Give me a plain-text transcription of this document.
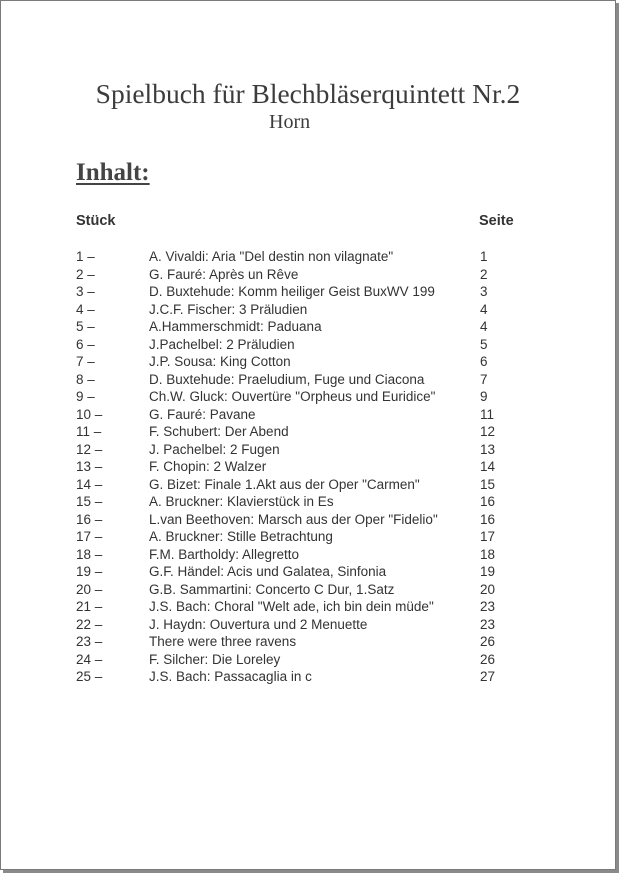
Spielbuch für Blechbläserquintett Nr.2
Horn
Inhalt:
Stück	Seite
1 –	A. Vivaldi: Aria "Del destin non vilagnate"	1
2 –	G. Fauré: Après un Rêve	2
3 –	D. Buxtehude: Komm heiliger Geist BuxWV 199	3
4 –	J.C.F. Fischer: 3 Präludien	4
5 –	A.Hammerschmidt: Paduana	4
6 –	J.Pachelbel: 2 Präludien	5
7 –	J.P. Sousa: King Cotton	6
8 –	D. Buxtehude: Praeludium, Fuge und Ciacona	7
9 –	Ch.W. Gluck: Ouvertüre "Orpheus und Euridice"	9
10 –	G. Fauré: Pavane	11
11 –	F. Schubert: Der Abend	12
12 –	J. Pachelbel: 2 Fugen	13
13 –	F. Chopin: 2 Walzer	14
14 –	G. Bizet: Finale 1.Akt aus der Oper "Carmen"	15
15 –	A. Bruckner: Klavierstück in Es	16
16 –	L.van Beethoven: Marsch aus der Oper "Fidelio"	16
17 –	A. Bruckner: Stille Betrachtung	17
18 –	F.M. Bartholdy: Allegretto	18
19 –	G.F. Händel: Acis und Galatea, Sinfonia	19
20 –	G.B. Sammartini: Concerto C Dur, 1.Satz	20
21 –	J.S. Bach: Choral "Welt ade, ich bin dein müde"	23
22 –	J. Haydn: Ouvertura und 2 Menuette	23
23 –	There were three ravens	26
24 –	F. Silcher: Die Loreley	26
25 –	J.S. Bach: Passacaglia in c	27
